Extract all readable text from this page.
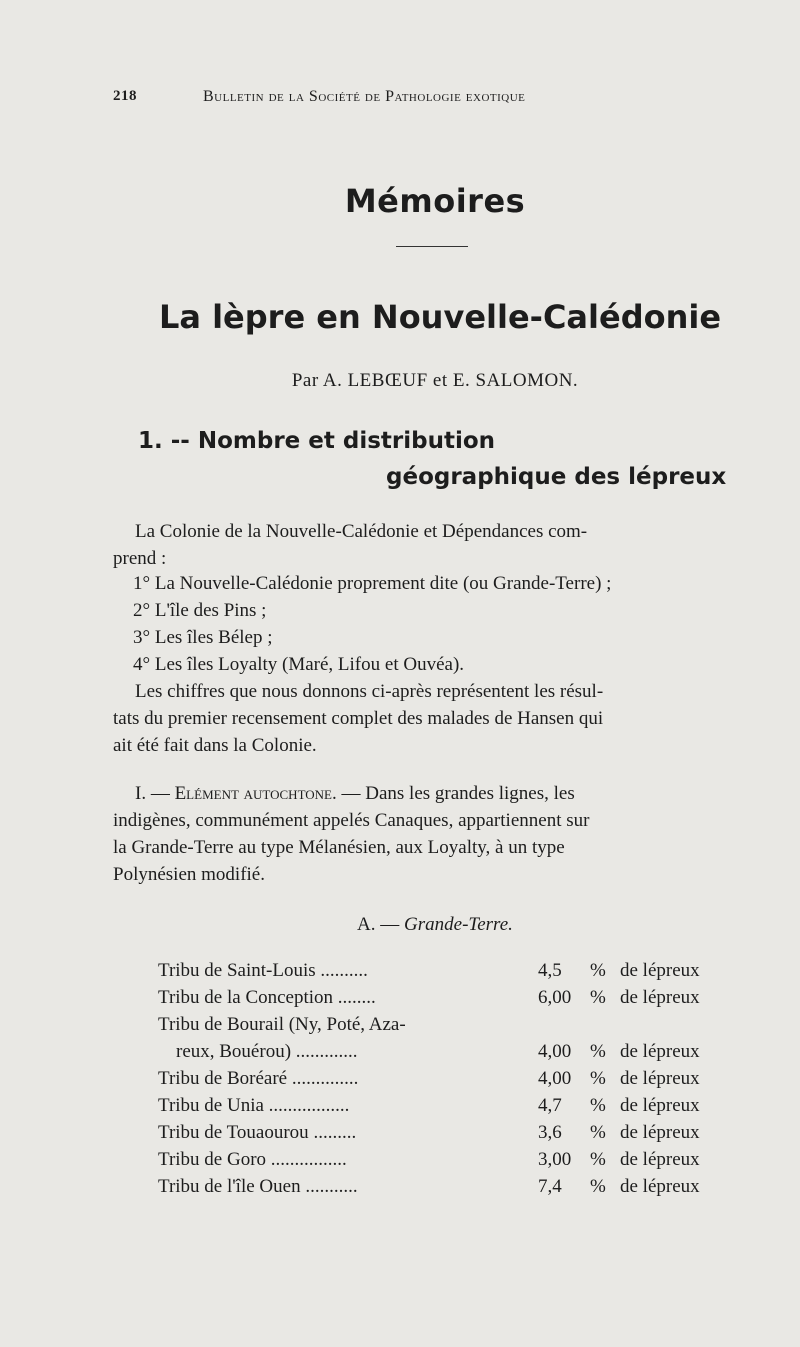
218	Bulletin de la Société de Pathologie exotique
Mémoires
La lèpre en Nouvelle-Calédonie
Par A. LEBŒUF et E. SALOMON.
1. -- Nombre et distribution
géographique des lépreux
La Colonie de la Nouvelle-Calédonie et Dépendances com-
prend :
1° La Nouvelle-Calédonie proprement dite (ou Grande-Terre) ;
2° L'île des Pins ;
3° Les îles Bélep ;
4° Les îles Loyalty (Maré, Lifou et Ouvéa).
Les chiffres que nous donnons ci-après représentent les résul-
tats du premier recensement complet des malades de Hansen qui
ait été fait dans la Colonie.
I. — Elément autochtone. — Dans les grandes lignes, les
indigènes, communément appelés Canaques, appartiennent sur
la Grande-Terre au type Mélanésien, aux Loyalty, à un type
Polynésien modifié.
A. — Grande-Terre.
Tribu de Saint-Louis ..........	4,5 % de lépreux
Tribu de la Conception ........	6,00 % de lépreux
Tribu de Bourail (Ny, Poté, Aza-
reux, Bouérou) .............	4,00 % de lépreux
Tribu de Boréaré ..............	4,00 % de lépreux
Tribu de Unia .................	4,7 % de lépreux
Tribu de Touaourou .........	3,6 % de lépreux
Tribu de Goro ................	3,00 % de lépreux
Tribu de l'île Ouen ...........	7,4 % de lépreux
